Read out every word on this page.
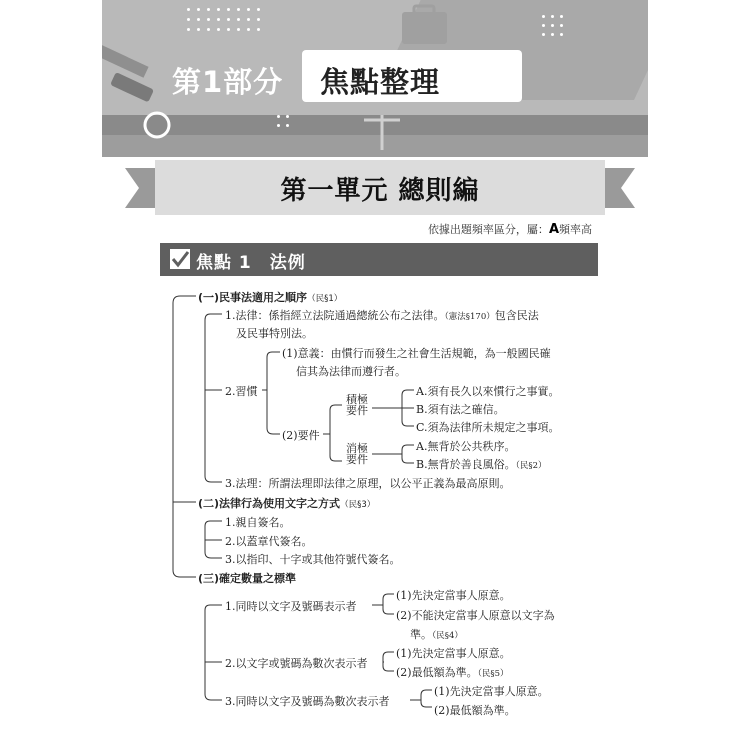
第1部分 焦點整理
第一單元 總則編
依據出題頻率區分，屬：A頻率高
焦點 1　法例
(一)民事法適用之順序（民§1）
1.法律：係指經立法院通過總統公布之法律。（憲法§170）包含民法
及民事特別法。
2.習慣
(1)意義：由慣行而發生之社會生活規範，為一般國民確
信其為法律而遵行者。
(2)要件
積極
要件
A.須有長久以來慣行之事實。
B.須有法之確信。
C.須為法律所未規定之事項。
消極
要件
A.無背於公共秩序。
B.無背於善良風俗。（民§2）
3.法理：所謂法理即法律之原理，以公平正義為最高原則。
(二)法律行為使用文字之方式（民§3）
1.親自簽名。
2.以蓋章代簽名。
3.以指印、十字或其他符號代簽名。
(三)確定數量之標準
1.同時以文字及號碼表示者
(1)先決定當事人原意。
(2)不能決定當事人原意以文字為
準。（民§4）
2.以文字或號碼為數次表示者
(1)先決定當事人原意。
(2)最低額為準。（民§5）
3.同時以文字及號碼為數次表示者
(1)先決定當事人原意。
(2)最低額為準。
